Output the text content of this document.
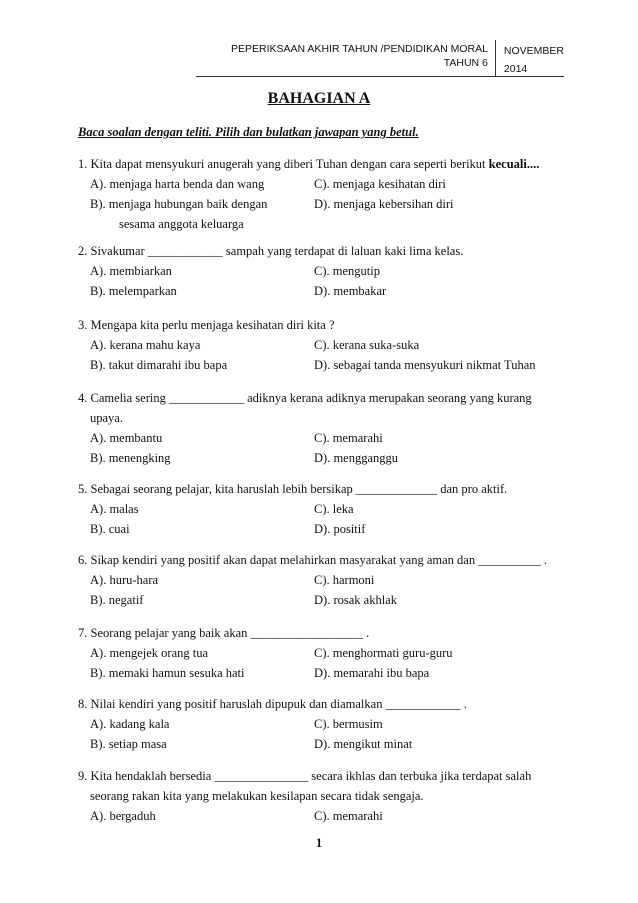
PEPERIKSAAN AKHIR TAHUN /PENDIDIKAN MORAL TAHUN 6
NOVEMBER
2014
BAHAGIAN A
Baca soalan dengan teliti. Pilih dan bulatkan jawapan yang betul.

1. Kita dapat mensyukuri anugerah yang diberi Tuhan dengan cara seperti berikut kecuali....

A). menjaga harta benda dan wang	C). menjaga kesihatan diri
B). menjaga hubungan baik dengan	D). menjaga kebersihan diri
sesama anggota keluarga

2. Sivakumar ____________ sampah yang terdapat di laluan kaki lima kelas.

A). membiarkan	C). mengutip
B). melemparkan	D). membakar

3. Mengapa kita perlu menjaga kesihatan diri kita ?

A). kerana mahu kaya	C). kerana suka-suka
B). takut dimarahi ibu bapa	D). sebagai tanda mensyukuri nikmat Tuhan

4. Camelia sering ____________ adiknya kerana adiknya merupakan seorang yang kurang

upaya.
A). membantu	C). memarahi
B). menengking	D). mengganggu

5. Sebagai seorang pelajar, kita haruslah lebih bersikap _____________ dan pro aktif.

A). malas	C). leka
B). cuai	D). positif

6. Sikap kendiri yang positif akan dapat melahirkan masyarakat yang aman dan __________ .

A). huru-hara	C). harmoni
B). negatif	D). rosak akhlak

7. Seorang pelajar yang baik akan __________________ .

A). mengejek orang tua	C). menghormati guru-guru
B). memaki hamun sesuka hati	D). memarahi ibu bapa

8. Nilai kendiri yang positif haruslah dipupuk dan diamalkan ____________ .

A). kadang kala	C). bermusim
B). setiap masa	D). mengikut minat

9. Kita hendaklah bersedia _______________ secara ikhlas dan terbuka jika terdapat salah

seorang rakan kita yang melakukan kesilapan secara tidak sengaja.
A). bergaduh	C). memarahi
1
